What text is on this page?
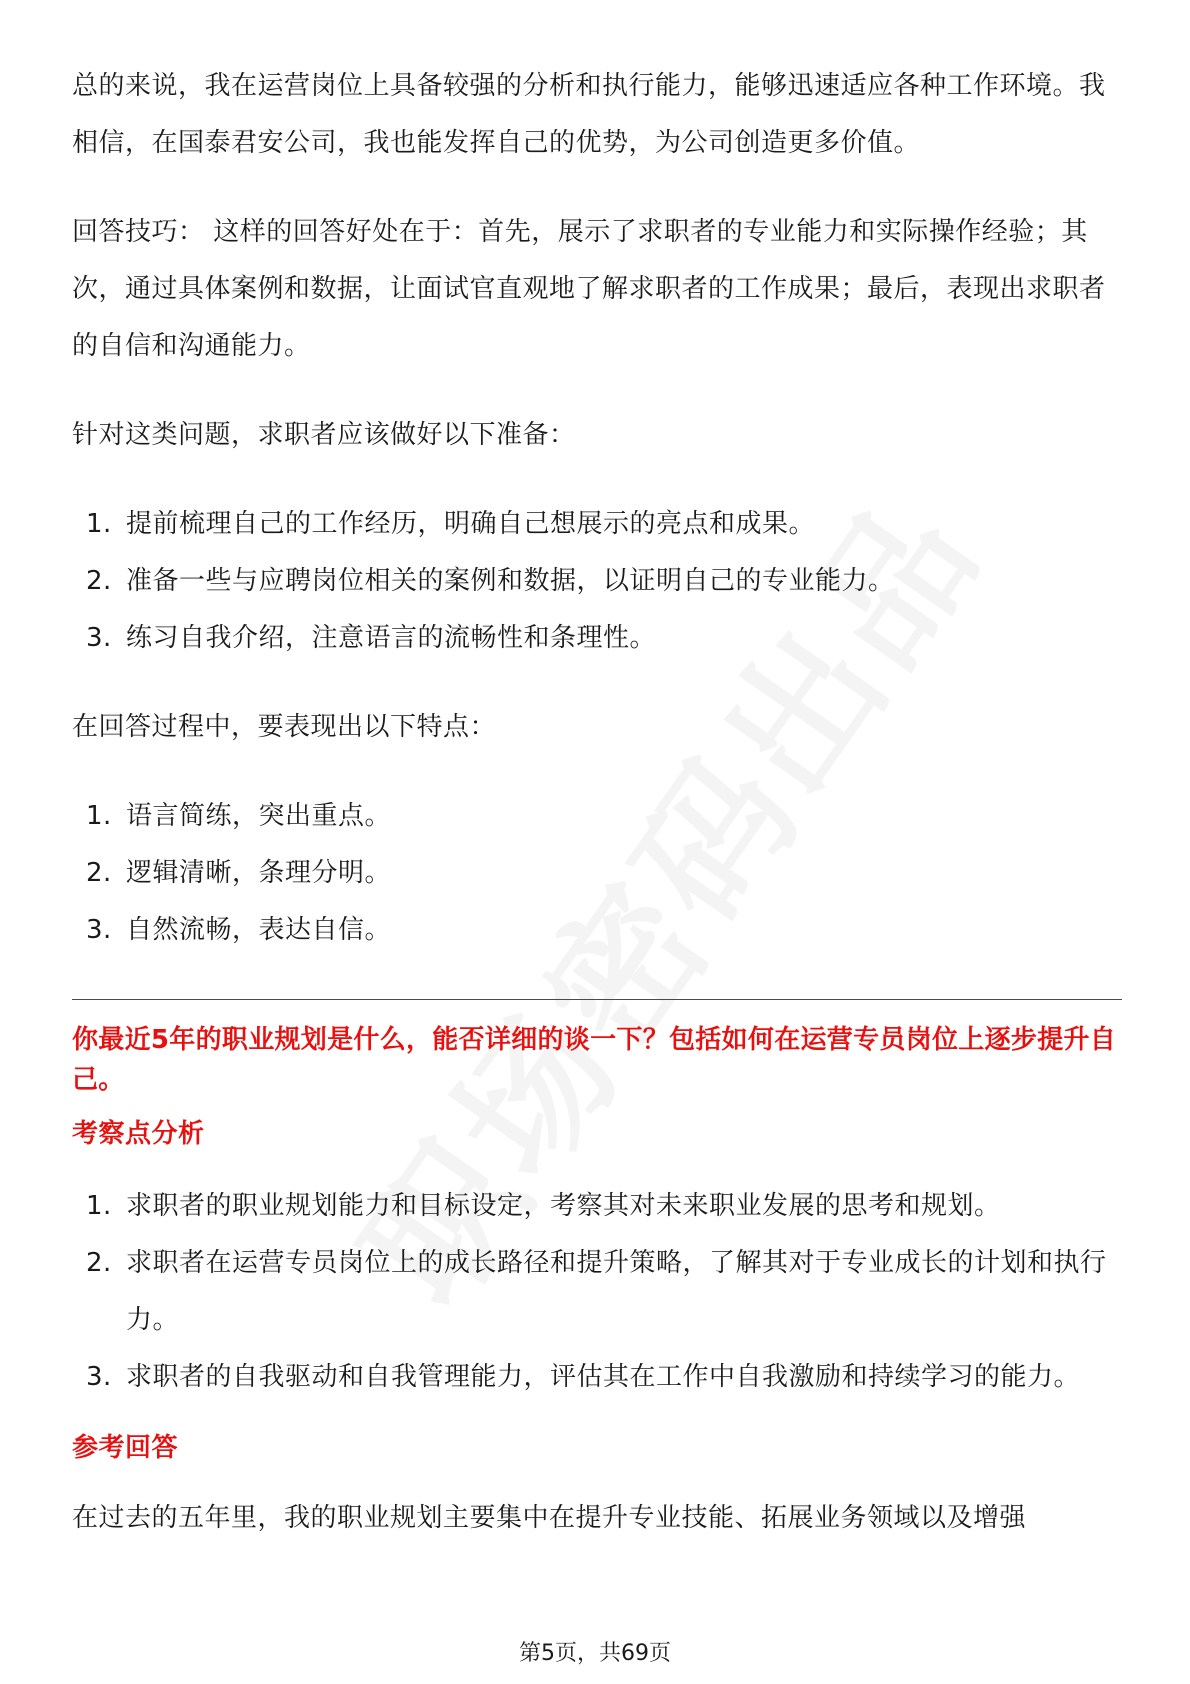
总的来说，我在运营岗位上具备较强的分析和执行能力，能够迅速适应各种工作环境。我相信，在国泰君安公司，我也能发挥自己的优势，为公司创造更多价值。

回答技巧： 这样的回答好处在于：首先，展示了求职者的专业能力和实际操作经验；其次，通过具体案例和数据，让面试官直观地了解求职者的工作成果；最后，表现出求职者的自信和沟通能力。

针对这类问题，求职者应该做好以下准备：

1. 提前梳理自己的工作经历，明确自己想展示的亮点和成果。
2. 准备一些与应聘岗位相关的案例和数据，以证明自己的专业能力。
3. 练习自我介绍，注意语言的流畅性和条理性。

在回答过程中，要表现出以下特点：

1. 语言简练，突出重点。
2. 逻辑清晰，条理分明。
3. 自然流畅，表达自信。

你最近5年的职业规划是什么，能否详细的谈一下？包括如何在运营专员岗位上逐步提升自己。

考察点分析

1. 求职者的职业规划能力和目标设定，考察其对未来职业发展的思考和规划。
2. 求职者在运营专员岗位上的成长路径和提升策略，了解其对于专业成长的计划和执行力。
3. 求职者的自我驱动和自我管理能力，评估其在工作中自我激励和持续学习的能力。

参考回答

在过去的五年里，我的职业规划主要集中在提升专业技能、拓展业务领域以及增强

第5页，共69页
